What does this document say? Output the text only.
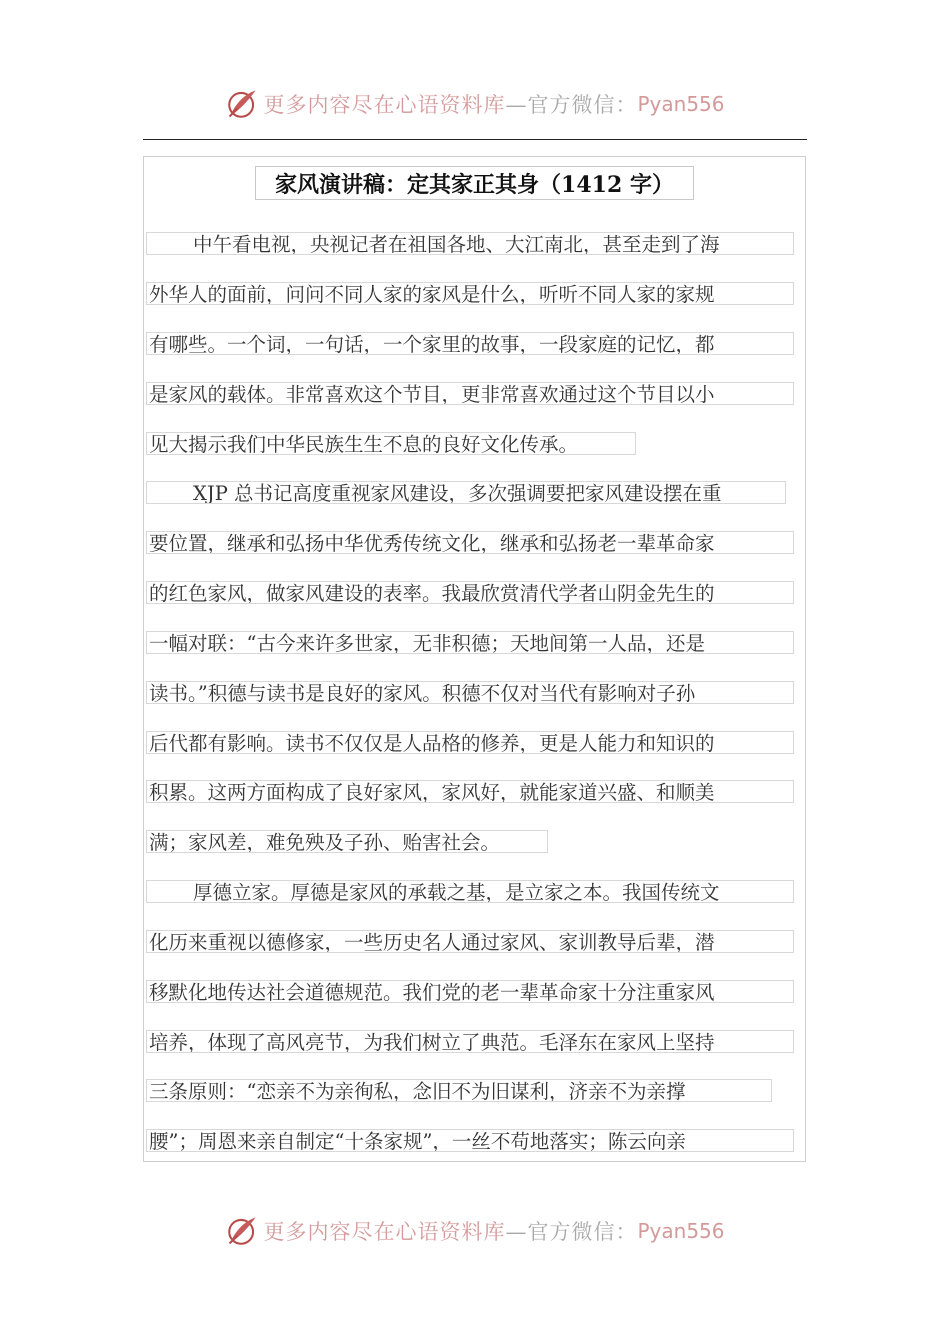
更多内容尽在心语资料库 —官方微信： Pyan556
家风演讲稿：定其家正其身（1412 字）
中午看电视，央视记者在祖国各地、大江南北，甚至走到了海
外华人的面前，问问不同人家的家风是什么，听听不同人家的家规
有哪些。一个词，一句话，一个家里的故事，一段家庭的记忆，都
是家风的载体。非常喜欢这个节目，更非常喜欢通过这个节目以小
见大揭示我们中华民族生生不息的良好文化传承。
XJP 总书记高度重视家风建设，多次强调要把家风建设摆在重
要位置，继承和弘扬中华优秀传统文化，继承和弘扬老一辈革命家
的红色家风，做家风建设的表率。我最欣赏清代学者山阴金先生的
一幅对联：“古今来许多世家，无非积德；天地间第一人品，还是
读书。”积德与读书是良好的家风。积德不仅对当代有影响对子孙
后代都有影响。读书不仅仅是人品格的修养，更是人能力和知识的
积累。这两方面构成了良好家风，家风好，就能家道兴盛、和顺美
满；家风差，难免殃及子孙、贻害社会。
厚德立家。厚德是家风的承载之基，是立家之本。我国传统文
化历来重视以德修家，一些历史名人通过家风、家训教导后辈，潜
移默化地传达社会道德规范。我们党的老一辈革命家十分注重家风
培养，体现了高风亮节，为我们树立了典范。毛泽东在家风上坚持
三条原则：“恋亲不为亲徇私，念旧不为旧谋利，济亲不为亲撑
腰”；周恩来亲自制定“十条家规”，一丝不苟地落实；陈云向亲
更多内容尽在心语资料库 —官方微信： Pyan556
